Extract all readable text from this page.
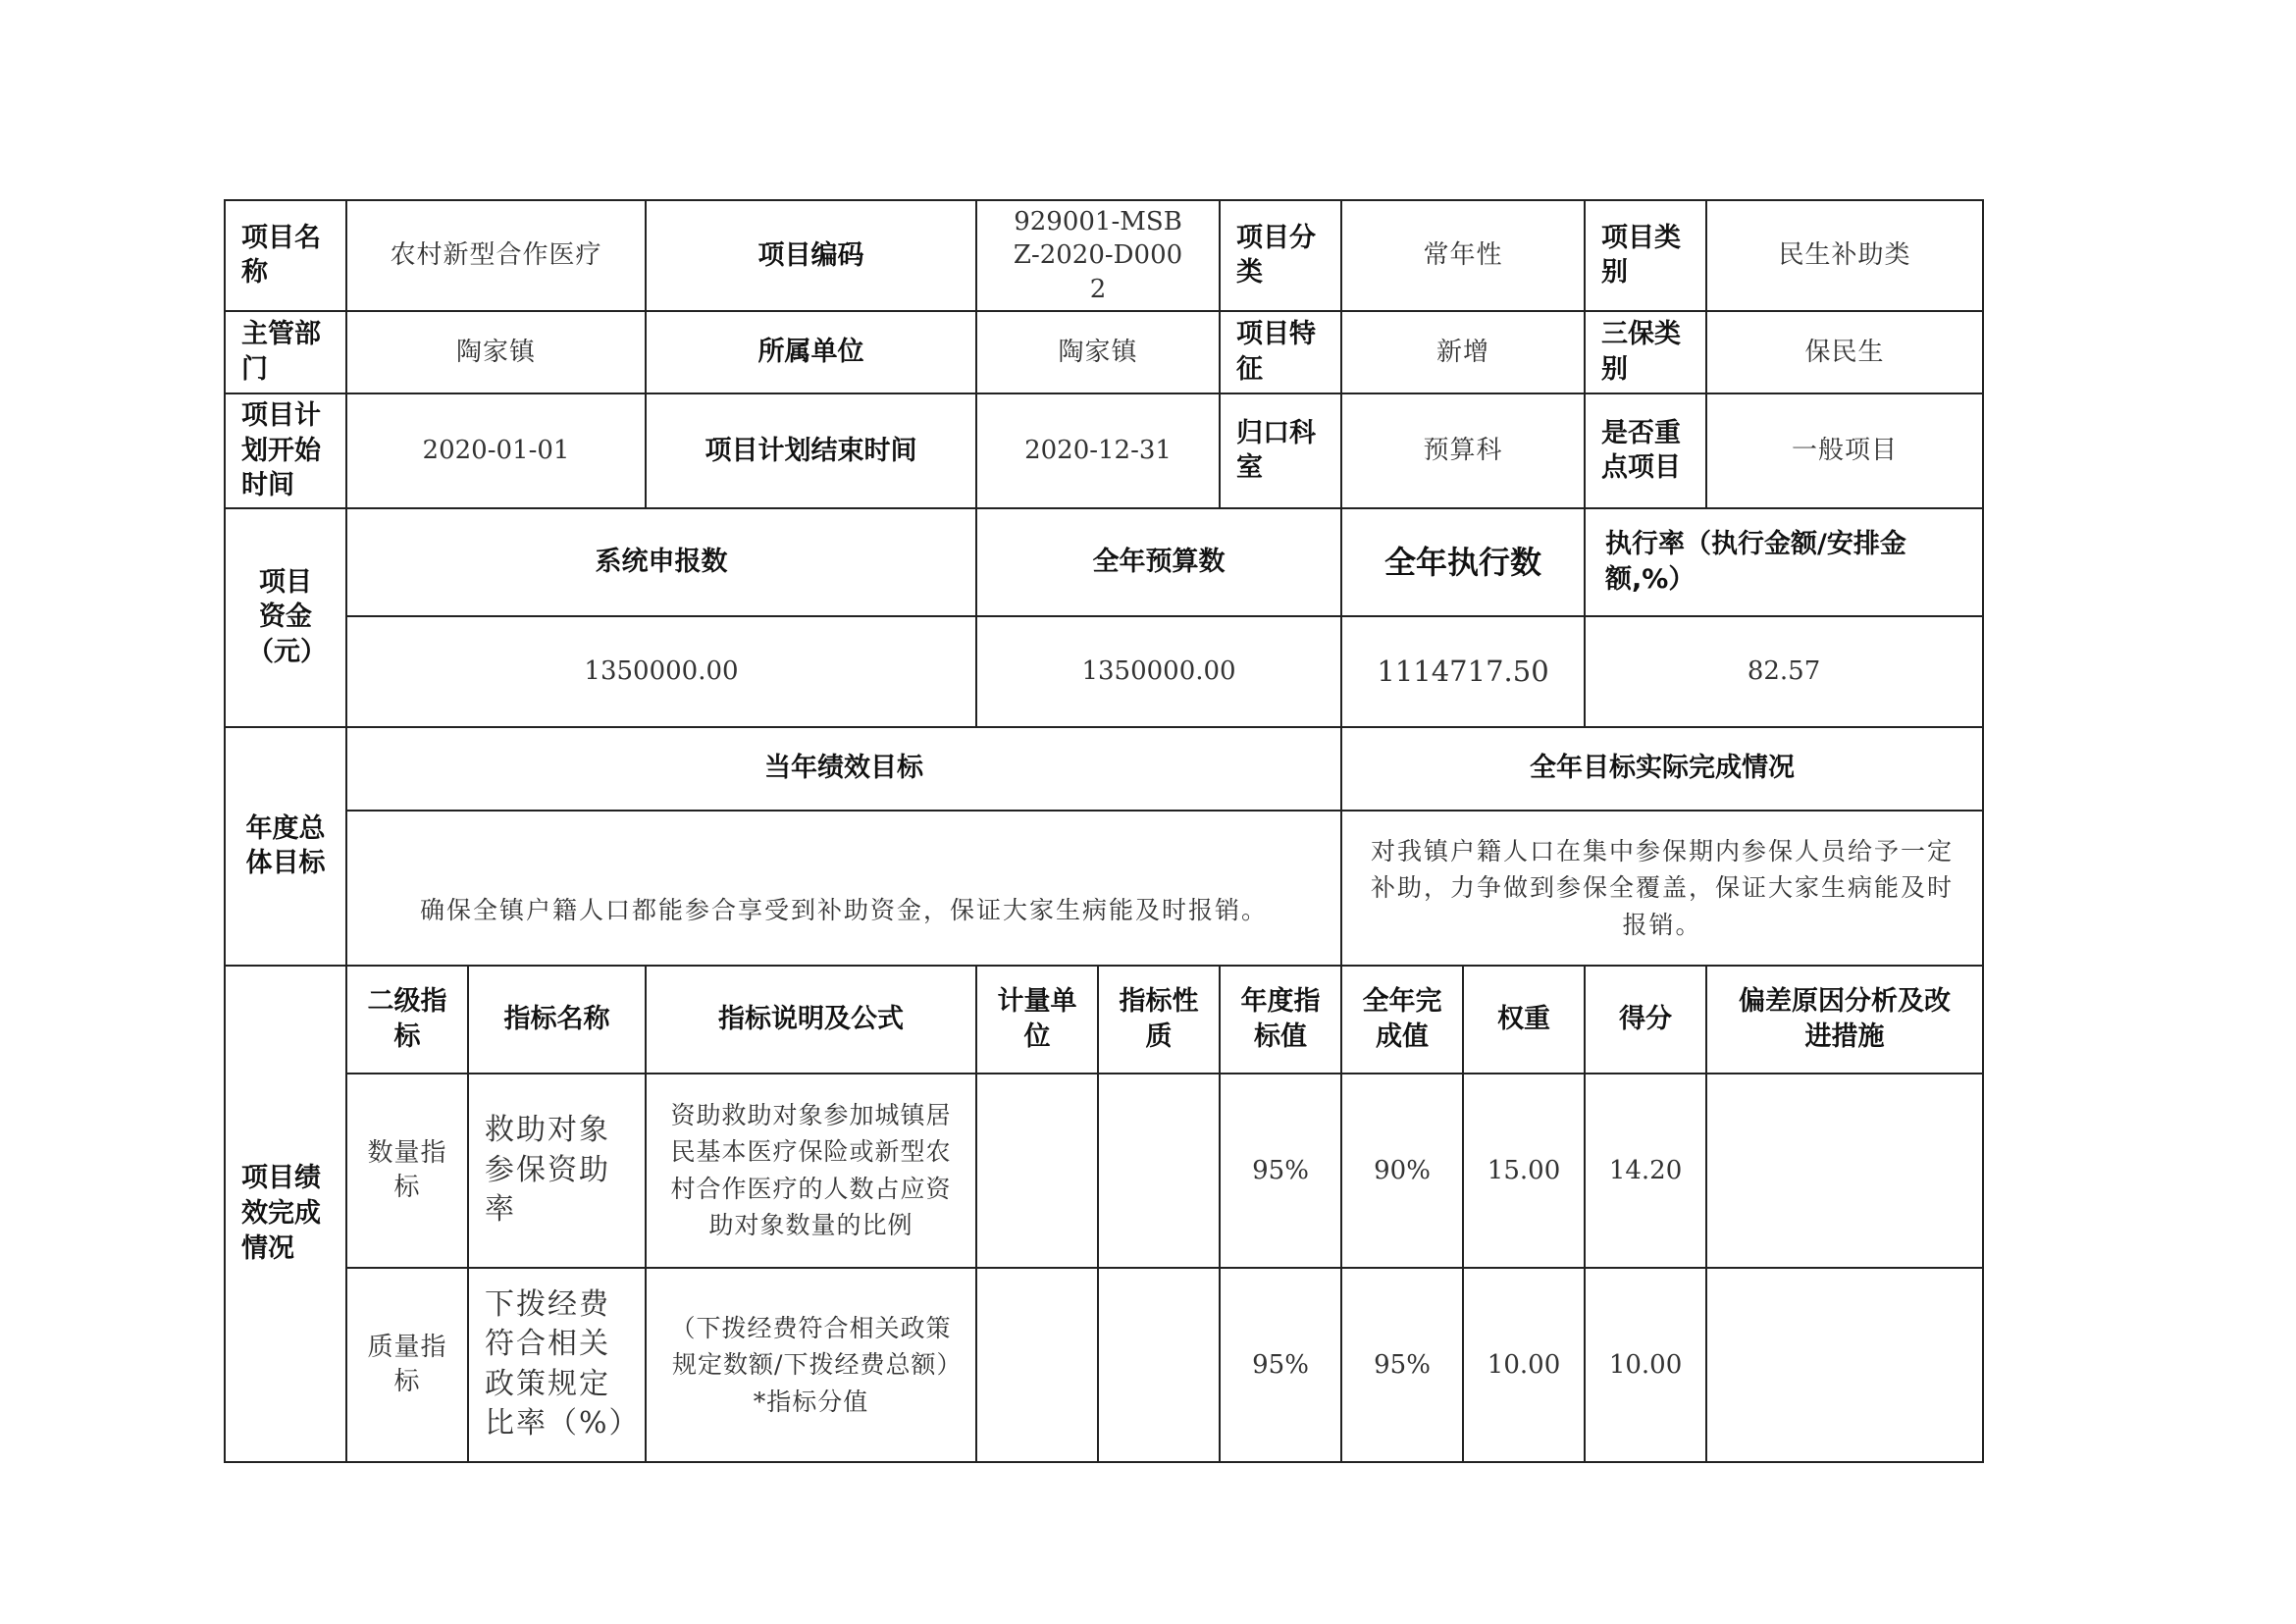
项目名称	农村新型合作医疗		项目编码	929001-MSBZ-2020-D0002		项目分类	常年性		项目类别	民生补助类	
主管部门	陶家镇		所属单位	陶家镇		项目特征	新增		三保类别	保民生	
项目计划开始时间	2020-01-01		项目计划结束时间	2020-12-31		归口科室	预算科		是否重点项目	一般项目	
项目资金（元）	系统申报数			全年预算数			全年执行数		执行率（执行金额/安排金额,%）	
	1350000.00			1350000.00			1114717.50		82.57	
年度总体目标	当年绩效目标						全年目标实际完成情况				
	确保全镇户籍人口都能参合享受到补助资金，保证大家生病能及时报销。						对我镇户籍人口在集中参保期内参保人员给予一定补助，力争做到参保全覆盖，保证大家生病能及时报销。				
项目绩效完成情况	二级指标	指标名称	指标说明及公式	计量单位	指标性质	年度指标值	全年完成值	权重	得分	偏差原因分析及改进措施	
	数量指标	救助对象参保资助率	资助救助对象参加城镇居民基本医疗保险或新型农村合作医疗的人数占应资助对象数量的比例			95%	90%	15.00	14.20		
	质量指标	下拨经费符合相关政策规定比率（%）	（下拨经费符合相关政策规定数额/下拨经费总额）*指标分值			95%	95%	10.00	10.00		
